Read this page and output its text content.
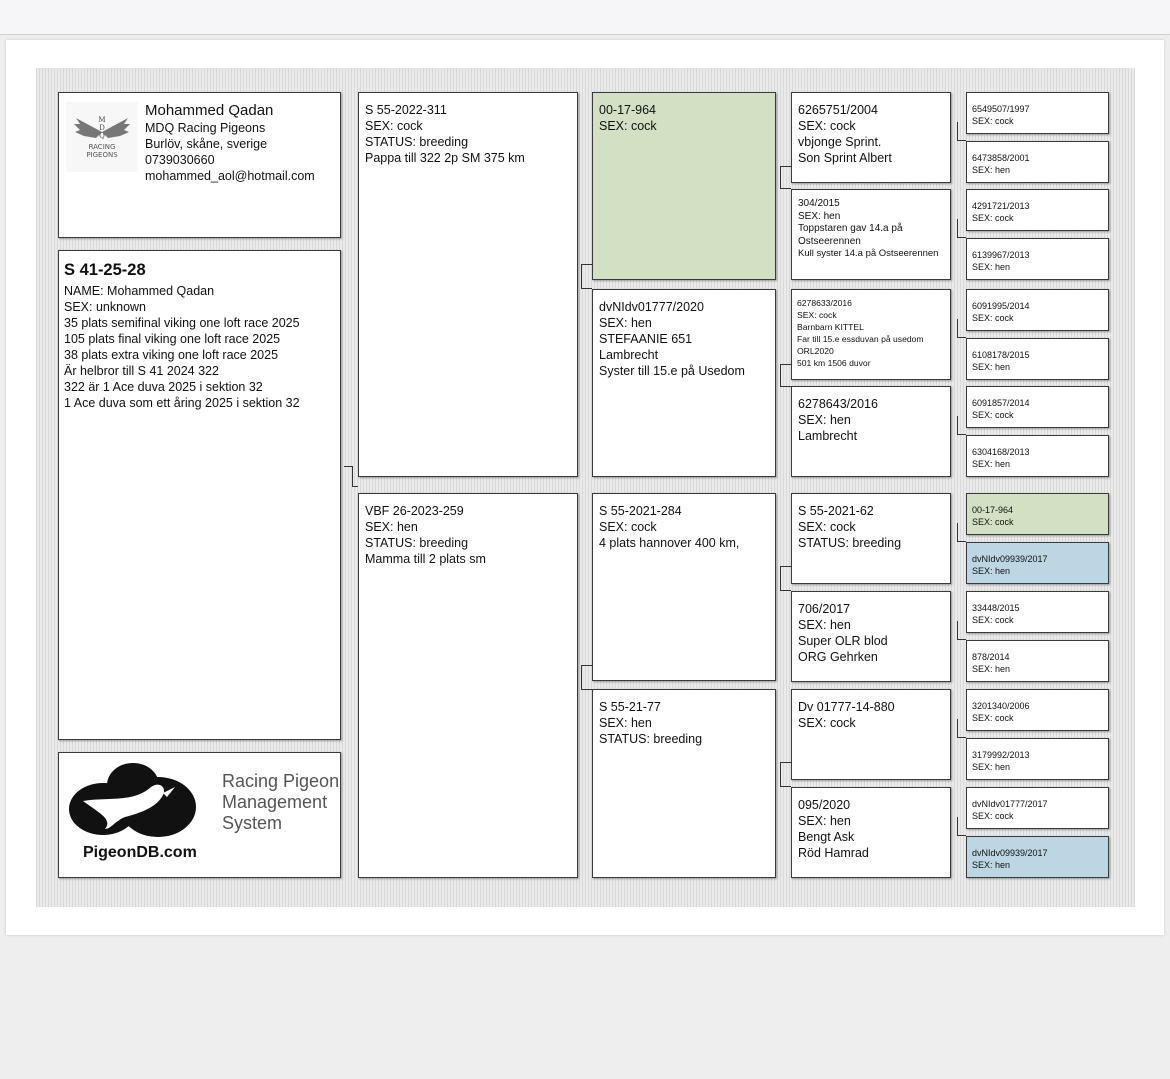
M
D
Q
RACING
PIGEONS
Mohammed Qadan
MDQ Racing Pigeons
Burlöv, skåne, sverige
0739030660
mohammed_aol@hotmail.com
S 41-25-28
NAME: Mohammed Qadan
SEX: unknown
35 plats semifinal viking one loft race 2025
105 plats final viking one loft race 2025
38 plats extra viking one loft race 2025
Är helbror till S 41 2024 322
322 är 1 Ace duva 2025 i sektion 32
1 Ace duva som ett åring 2025 i sektion 32
Racing Pigeon
Management
System
PigeonDB.com
S 55-2022-311
SEX: cock
STATUS: breeding
Pappa till 322 2p SM 375 km
VBF 26-2023-259
SEX: hen
STATUS: breeding
Mamma till 2 plats sm
00-17-964
SEX: cock
dvNIdv01777/2020
SEX: hen
STEFAANIE 651
Lambrecht
Syster till 15.e på Usedom
S 55-2021-284
SEX: cock
4 plats hannover 400 km,
S 55-21-77
SEX: hen
STATUS: breeding
6265751/2004
SEX: cock
vbjonge Sprint.
Son Sprint Albert
304/2015
SEX: hen
Toppstaren gav 14.a på Ostseerennen
Kull syster 14.a på Ostseerennen
6278633/2016
SEX: cock
Barnbarn KITTEL
Far till 15.e essduvan på usedom ORL2020
501 km 1506 duvor
6278643/2016
SEX: hen
Lambrecht
S 55-2021-62
SEX: cock
STATUS: breeding
706/2017
SEX: hen
Super OLR blod
ORG Gehrken
Dv 01777-14-880
SEX: cock
095/2020
SEX: hen
Bengt Ask
Röd Hamrad
6549507/1997
SEX: cock
6473858/2001
SEX: hen
4291721/2013
SEX: cock
6139967/2013
SEX: hen
6091995/2014
SEX: cock
6108178/2015
SEX: hen
6091857/2014
SEX: cock
6304168/2013
SEX: hen
00-17-964
SEX: cock
dvNIdv09939/2017
SEX: hen
33448/2015
SEX: cock
878/2014
SEX: hen
3201340/2006
SEX: cock
3179992/2013
SEX: hen
dvNIdv01777/2017
SEX: cock
dvNIdv09939/2017
SEX: hen
